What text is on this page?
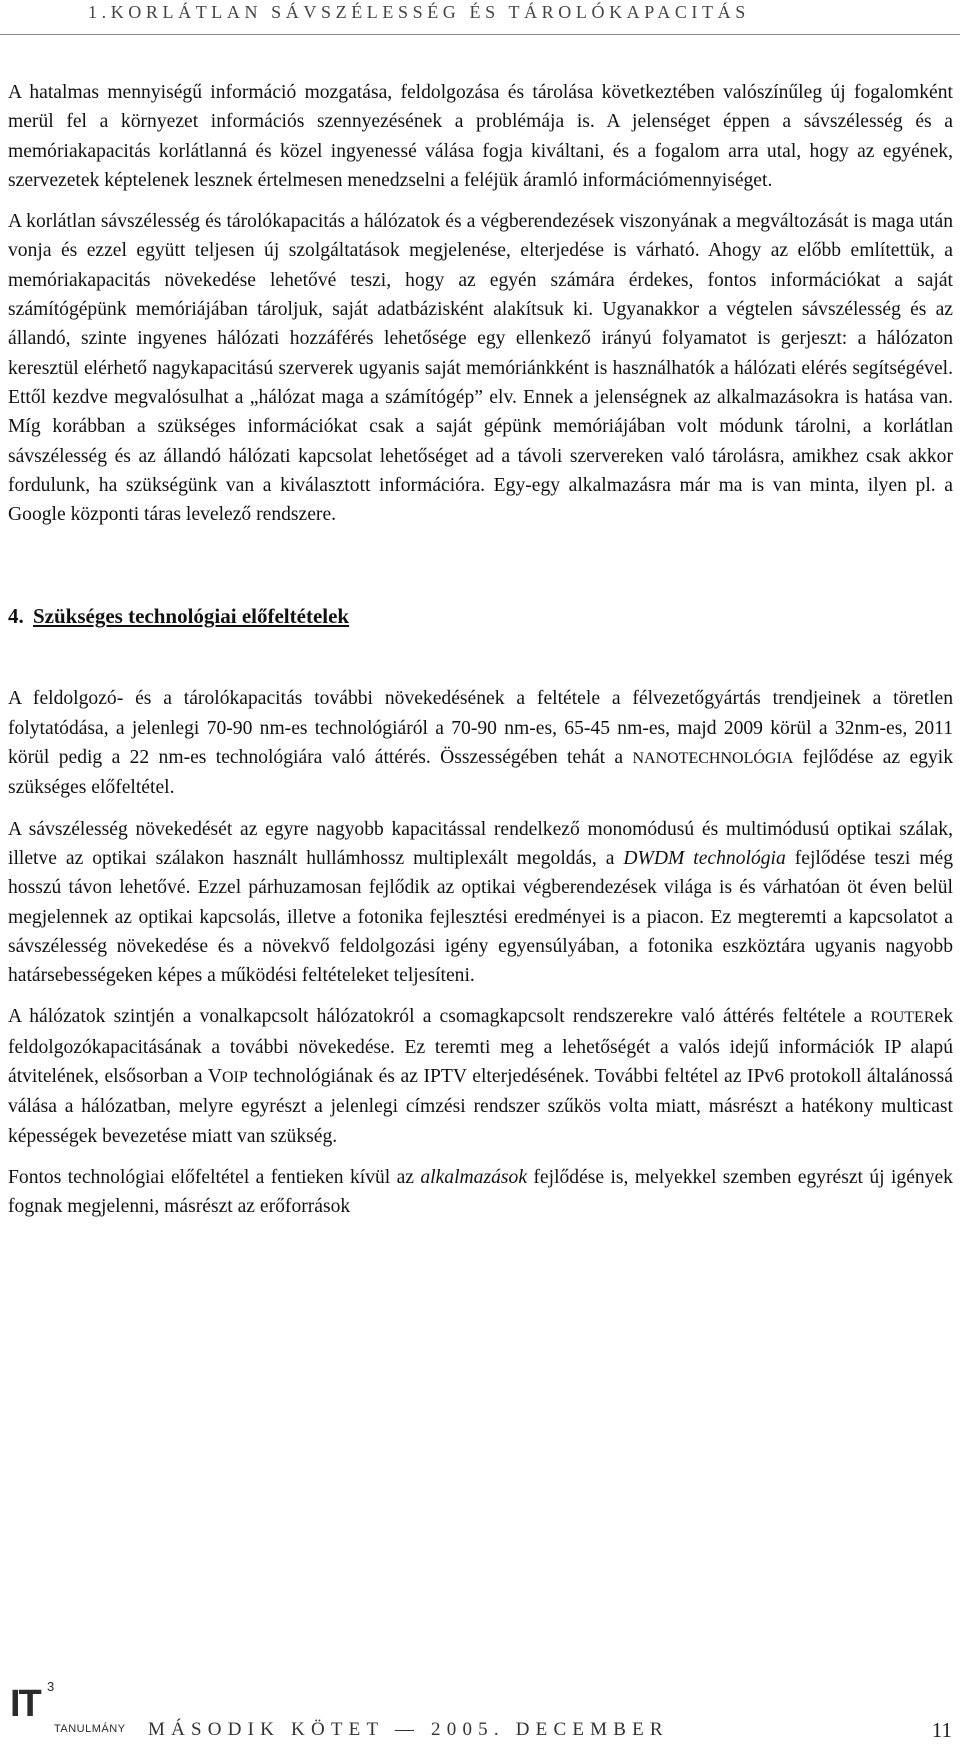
1.KORLÁTLAN SÁVSZÉLESSÉG ÉS TÁROLÓKAPACITÁS

A hatalmas mennyiségű információ mozgatása, feldolgozása és tárolása következtében valószínűleg új fogalomként merül fel a környezet információs szennyezésének a problémája is. A jelenséget éppen a sávszélesség és a memóriakapacitás korlátlanná és közel ingyenessé válása fogja kiváltani, és a fogalom arra utal, hogy az egyének, szervezetek képtelenek lesznek értelmesen menedzselni a feléjük áramló információmennyiséget.

A korlátlan sávszélesség és tárolókapacitás a hálózatok és a végberendezések viszonyának a megváltozását is maga után vonja és ezzel együtt teljesen új szolgáltatások megjelenése, elterjedése is várható. Ahogy az előbb említettük, a memóriakapacitás növekedése lehetővé teszi, hogy az egyén számára érdekes, fontos információkat a saját számítógépünk memóriájában tároljuk, saját adatbázisként alakítsuk ki. Ugyanakkor a végtelen sávszélesség és az állandó, szinte ingyenes hálózati hozzáférés lehetősége egy ellenkező irányú folyamatot is gerjeszt: a hálózaton keresztül elérhető nagykapacitású szerverek ugyanis saját memóriánkként is használhatók a hálózati elérés segítségével. Ettől kezdve megvalósulhat a „hálózat maga a számítógép” elv. Ennek a jelenségnek az alkalmazásokra is hatása van. Míg korábban a szükséges információkat csak a saját gépünk memóriájában volt módunk tárolni, a korlátlan sávszélesség és az állandó hálózati kapcsolat lehetőséget ad a távoli szervereken való tárolásra, amikhez csak akkor fordulunk, ha szükségünk van a kiválasztott információra. Egy-egy alkalmazásra már ma is van minta, ilyen pl. a Google központi táras levelező rendszere.

4. Szükséges technológiai előfeltételek

A feldolgozó- és a tárolókapacitás további növekedésének a feltétele a félvezetőgyártás trendjeinek a töretlen folytatódása, a jelenlegi 70-90 nm-es technológiáról a 70-90 nm-es, 65-45 nm-es, majd 2009 körül a 32nm-es, 2011 körül pedig a 22 nm-es technológiára való áttérés. Összességében tehát a NANOTECHNOLÓGIA fejlődése az egyik szükséges előfeltétel.

A sávszélesség növekedését az egyre nagyobb kapacitással rendelkező monomódusú és multimódusú optikai szálak, illetve az optikai szálakon használt hullámhossz multiplexált megoldás, a DWDM technológia fejlődése teszi még hosszú távon lehetővé. Ezzel párhuzamosan fejlődik az optikai végberendezések világa is és várhatóan öt éven belül megjelennek az optikai kapcsolás, illetve a fotonika fejlesztési eredményei is a piacon. Ez megteremti a kapcsolatot a sávszélesség növekedése és a növekvő feldolgozási igény egyensúlyában, a fotonika eszköztára ugyanis nagyobb határsebességeken képes a működési feltételeket teljesíteni.

A hálózatok szintjén a vonalkapcsolt hálózatokról a csomagkapcsolt rendszerekre való áttérés feltétele a ROUTERek feldolgozókapacitásának a további növekedése. Ez teremti meg a lehetőségét a valós idejű információk IP alapú átvitelének, elsősorban a VOIP technológiának és az IPTV elterjedésének. További feltétel az IPv6 protokoll általánossá válása a hálózatban, melyre egyrészt a jelenlegi címzési rendszer szűkös volta miatt, másrészt a hatékony multicast képességek bevezetése miatt van szükség.

Fontos technológiai előfeltétel a fentieken kívül az alkalmazások fejlődése is, melyekkel szemben egyrészt új igények fognak megjelenni, másrészt az erőforrások

IT 3
TANULMÁNY MÁSODIK KÖTET — 2005. DECEMBER	11
